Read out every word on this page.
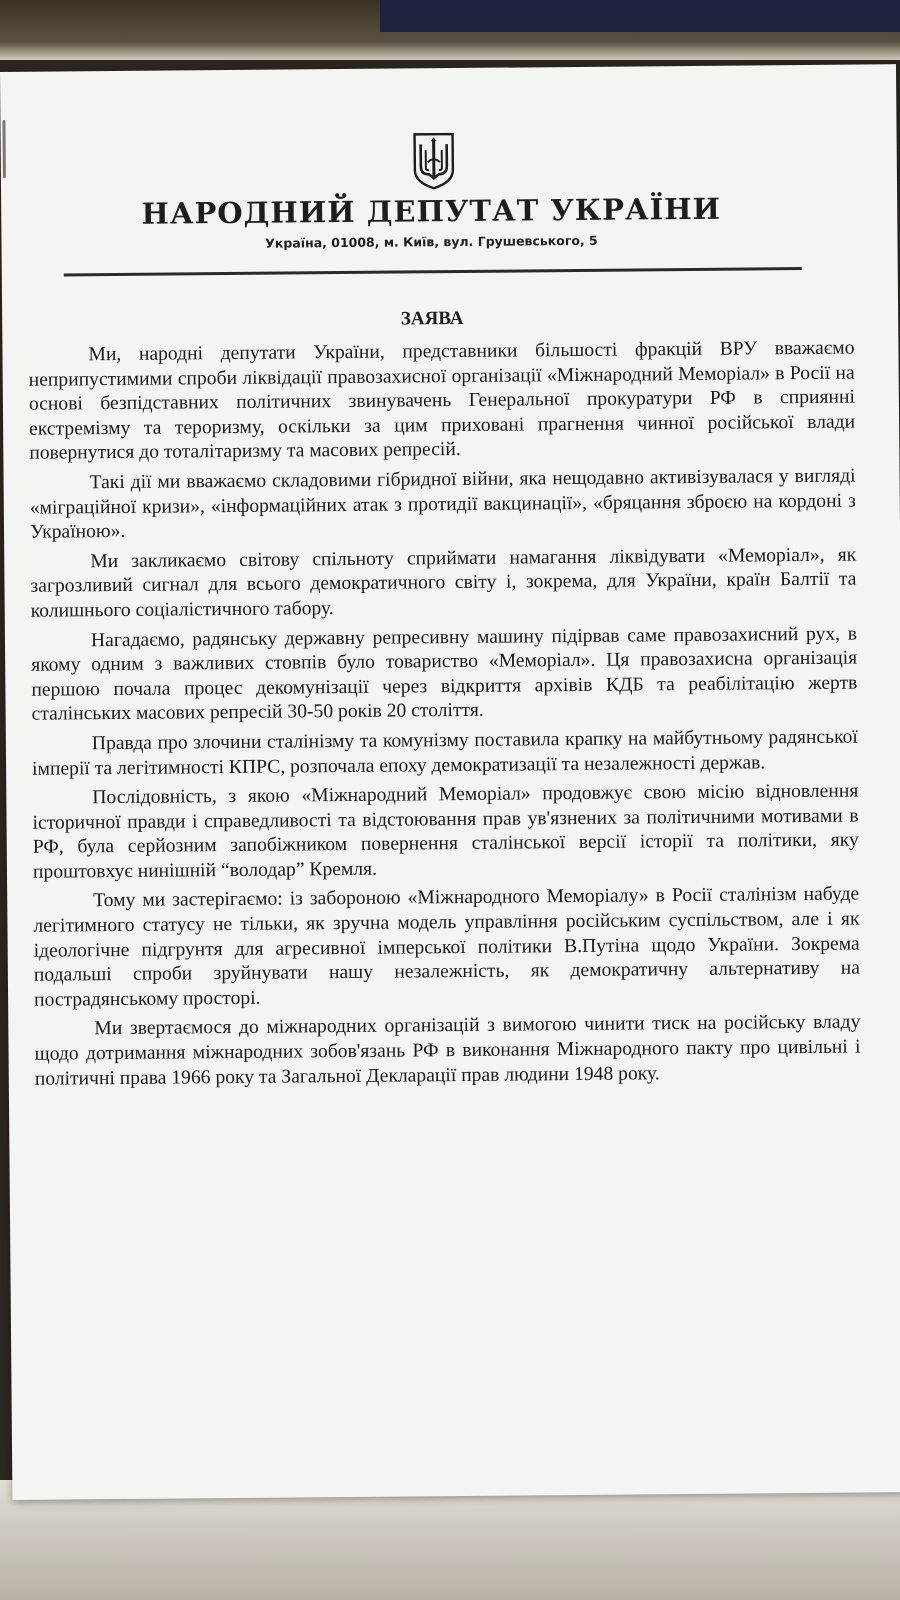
НАРОДНИЙ ДЕПУТАТ УКРАЇНИ
Україна, 01008, м. Київ, вул. Грушевського, 5
ЗАЯВА

Ми, народні депутати України, представники більшості фракцій ВРУ вважаємо неприпустимими спроби ліквідації правозахисної організації «Міжнародний Меморіал» в Росії на основі безпідставних політичних звинувачень Генеральної прокуратури РФ в сприянні екстремізму та тероризму, оскільки за цим приховані прагнення чинної російської влади повернутися до тоталітаризму та масових репресій.

Такі дії ми вважаємо складовими гібридної війни, яка нещодавно активізувалася у вигляді «міграційної кризи», «інформаційних атак з протидії вакцинації», «бряцання зброєю на кордоні з Україною».

Ми закликаємо світову спільноту сприймати намагання ліквідувати «Меморіал», як загрозливий сигнал для всього демократичного світу і, зокрема, для України, країн Балтії та колишнього соціалістичного табору.

Нагадаємо, радянську державну репресивну машину підірвав саме правозахисний рух, в якому одним з важливих стовпів було товариство «Меморіал». Ця правозахисна організація першою почала процес декомунізації через відкриття архівів КДБ та реабілітацію жертв сталінських масових репресій 30-50 років 20 століття.

Правда про злочини сталінізму та комунізму поставила крапку на майбутньому радянської імперії та легітимності КПРС, розпочала епоху демократизації та незалежності держав.

Послідовність, з якою «Міжнародний Меморіал» продовжує свою місію відновлення історичної правди і справедливості та відстоювання прав ув'язнених за політичними мотивами в РФ, була серйозним запобіжником повернення сталінської версії історії та політики, яку проштовхує нинішній “володар” Кремля.

Тому ми застерігаємо: із забороною «Міжнародного Меморіалу» в Росії сталінізм набуде легітимного статусу не тільки, як зручна модель управління російським суспільством, але і як ідеологічне підгрунтя для агресивної імперської політики В.Путіна щодо України. Зокрема подальші спроби зруйнувати нашу незалежність, як демократичну альтернативу на пострадянському просторі.

Ми звертаємося до міжнародних організацій з вимогою чинити тиск на російську владу щодо дотримання міжнародних зобов'язань РФ в виконання Міжнародного пакту про цивільні і політичні права 1966 року та Загальної Декларації прав людини 1948 року.
